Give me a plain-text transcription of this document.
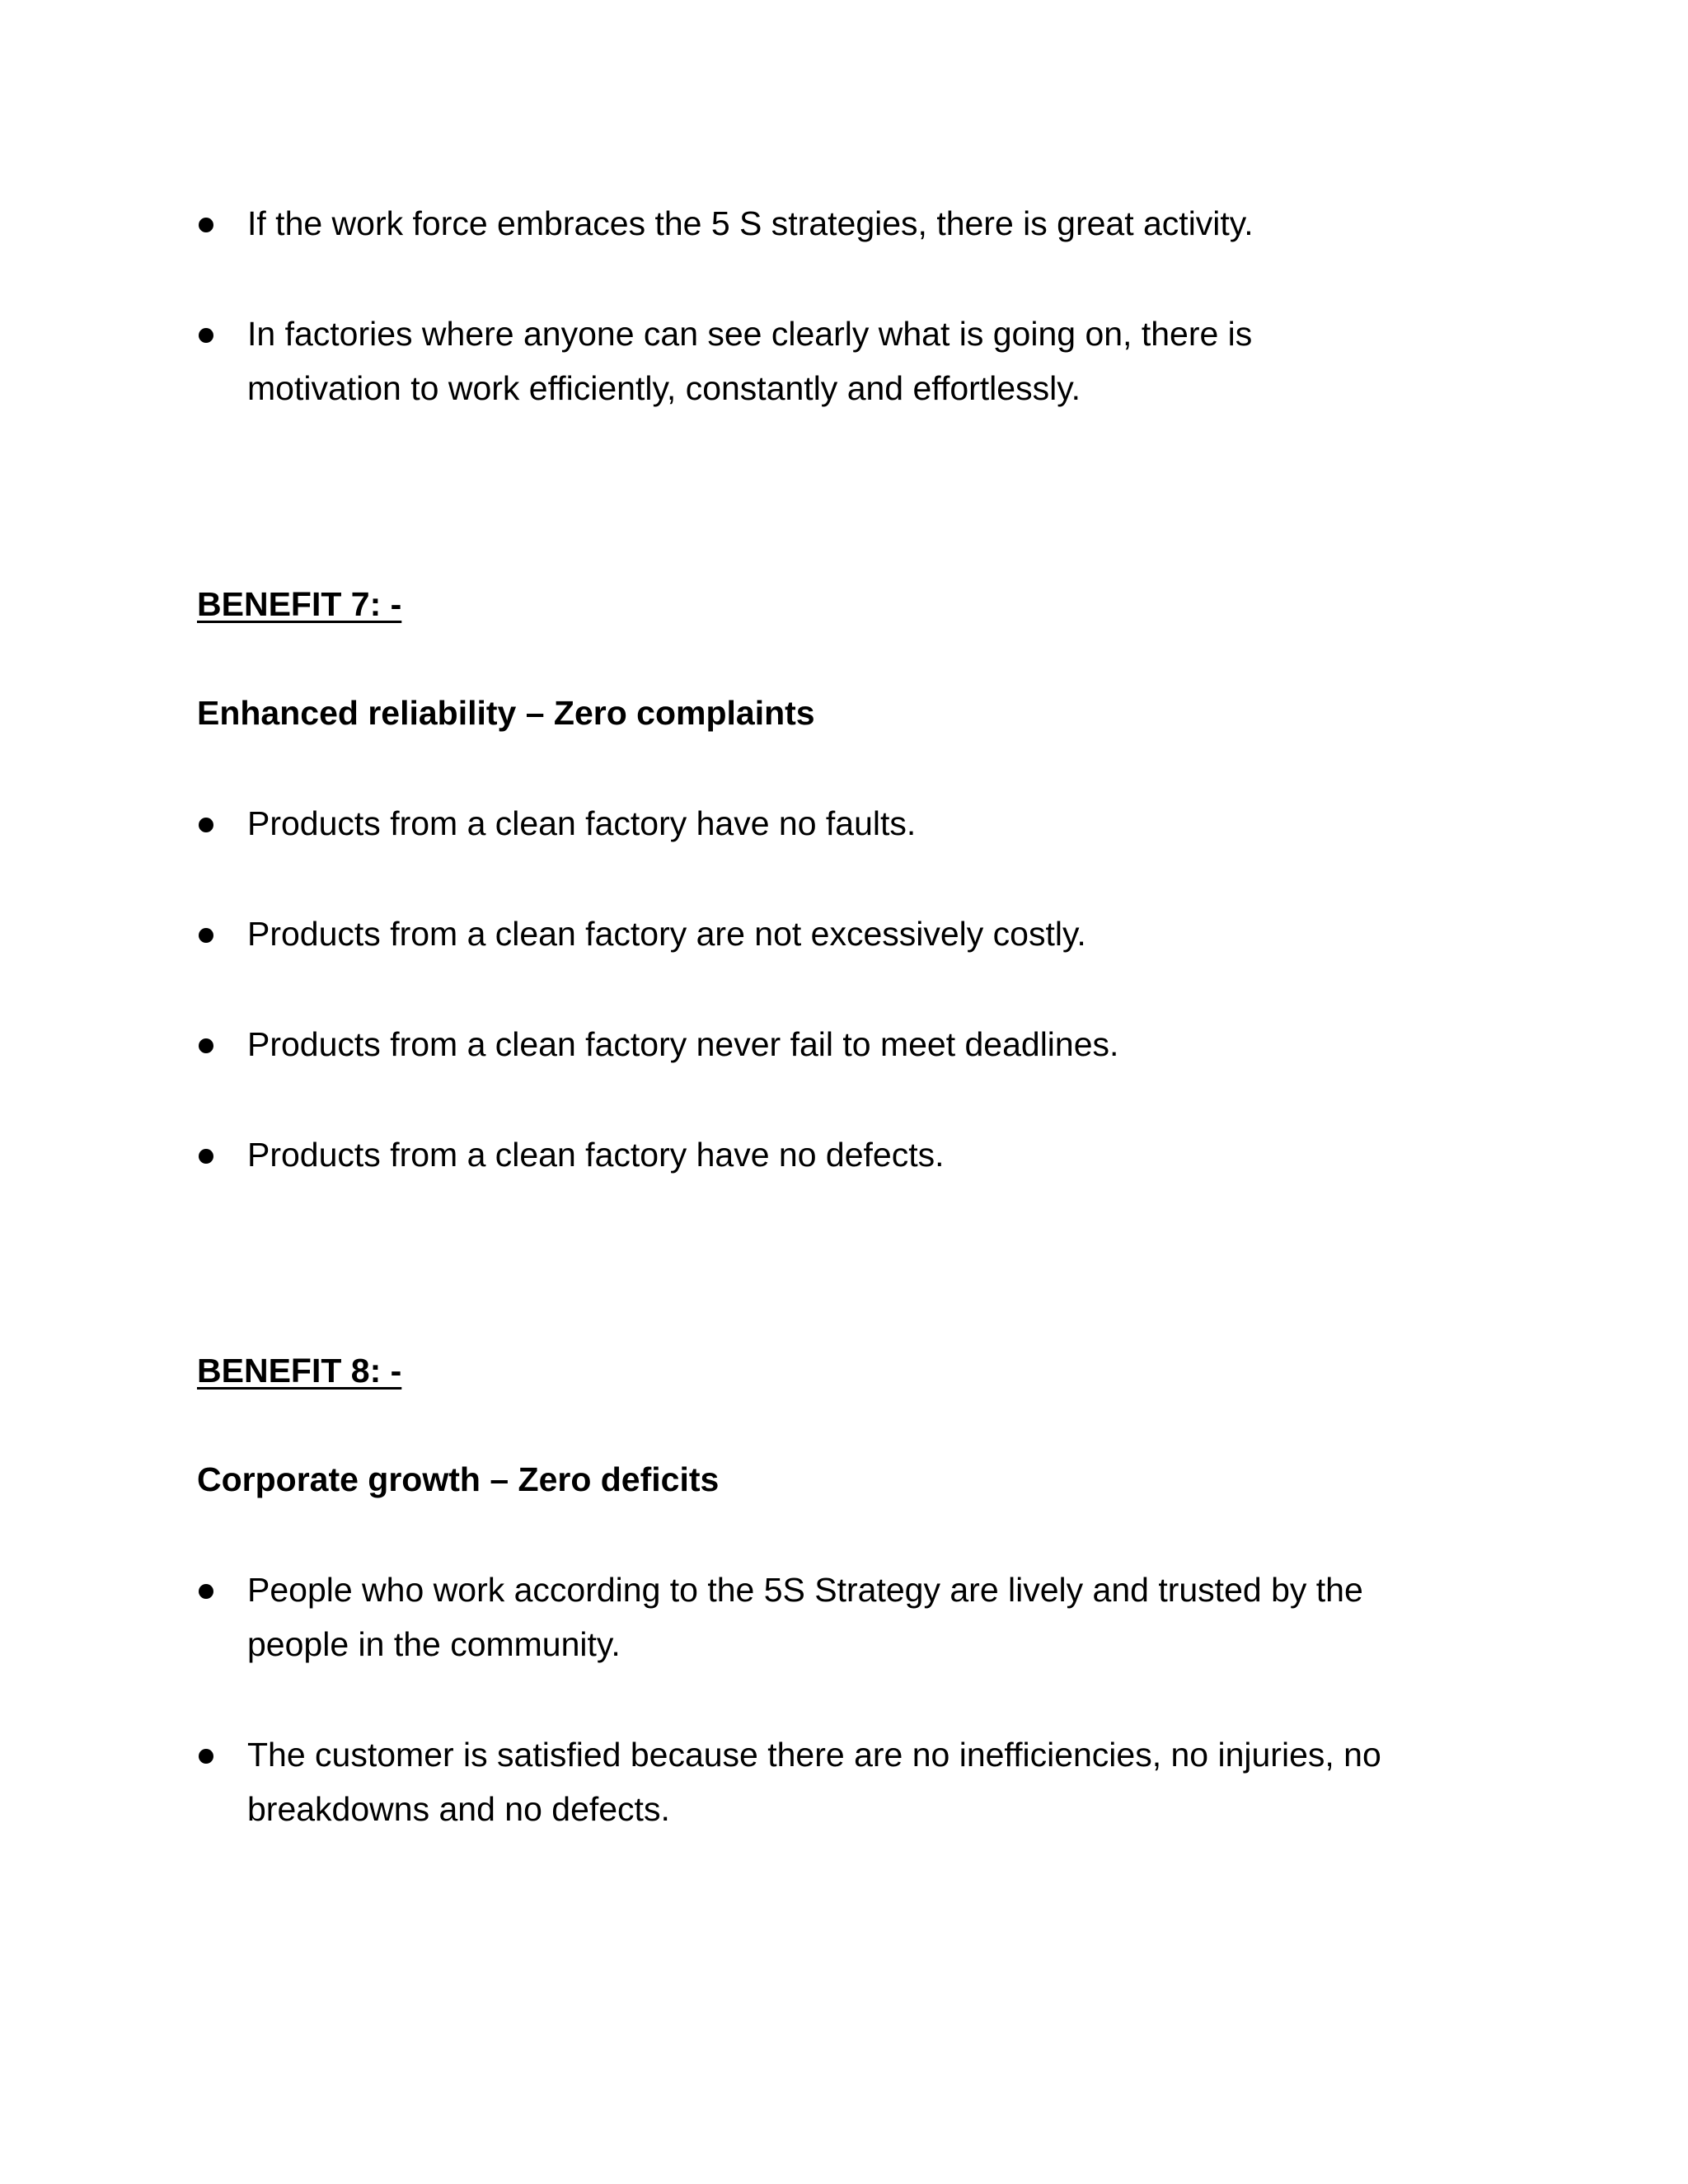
If the work force embraces the 5 S strategies, there is great activity.
In factories where anyone can see clearly what is going on, there is motivation to work efficiently, constantly and effortlessly.
BENEFIT 7: -
Enhanced reliability – Zero complaints
Products from a clean factory have no faults.
Products from a clean factory are not excessively costly.
Products from a clean factory never fail to meet deadlines.
Products from a clean factory have no defects.
BENEFIT 8: -
Corporate growth – Zero deficits
People who work according to the 5S Strategy are lively and trusted by the people in the community.
The customer is satisfied because there are no inefficiencies, no injuries, no breakdowns and no defects.
